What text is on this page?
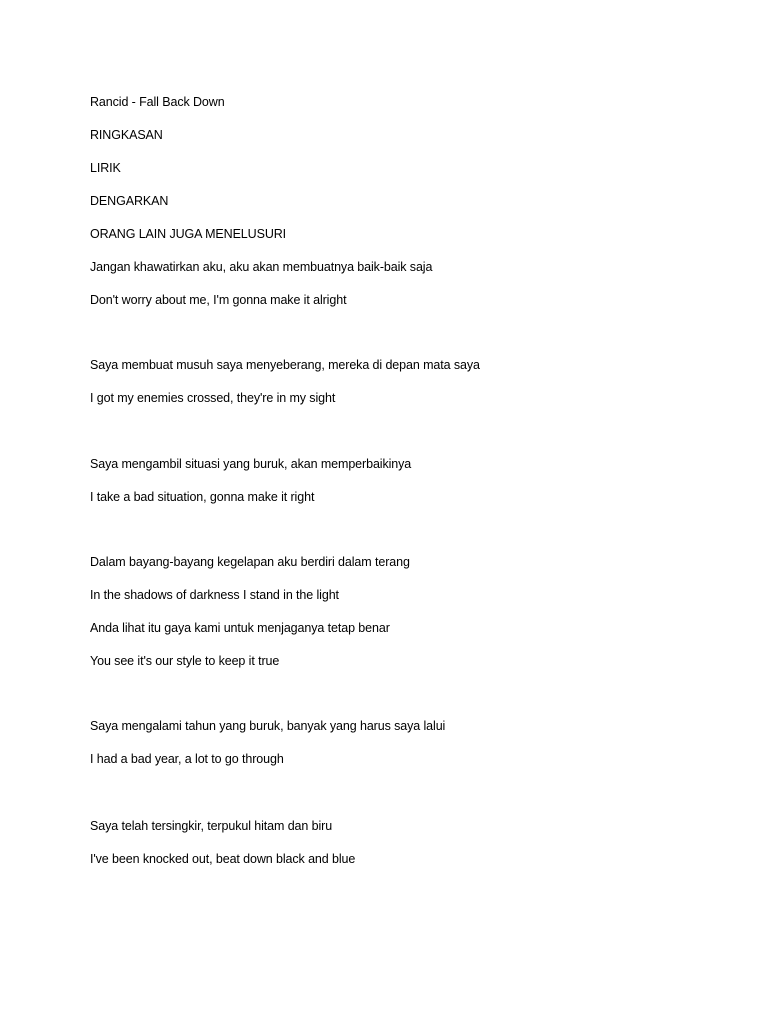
Rancid - Fall Back Down
RINGKASAN
LIRIK
DENGARKAN
ORANG LAIN JUGA MENELUSURI
Jangan khawatirkan aku, aku akan membuatnya baik-baik saja
Don't worry about me, I'm gonna make it alright
Saya membuat musuh saya menyeberang, mereka di depan mata saya
I got my enemies crossed, they're in my sight
Saya mengambil situasi yang buruk, akan memperbaikinya
I take a bad situation, gonna make it right
Dalam bayang-bayang kegelapan aku berdiri dalam terang
In the shadows of darkness I stand in the light
Anda lihat itu gaya kami untuk menjaganya tetap benar
You see it's our style to keep it true
Saya mengalami tahun yang buruk, banyak yang harus saya lalui
I had a bad year, a lot to go through
Saya telah tersingkir, terpukul hitam dan biru
I've been knocked out, beat down black and blue
